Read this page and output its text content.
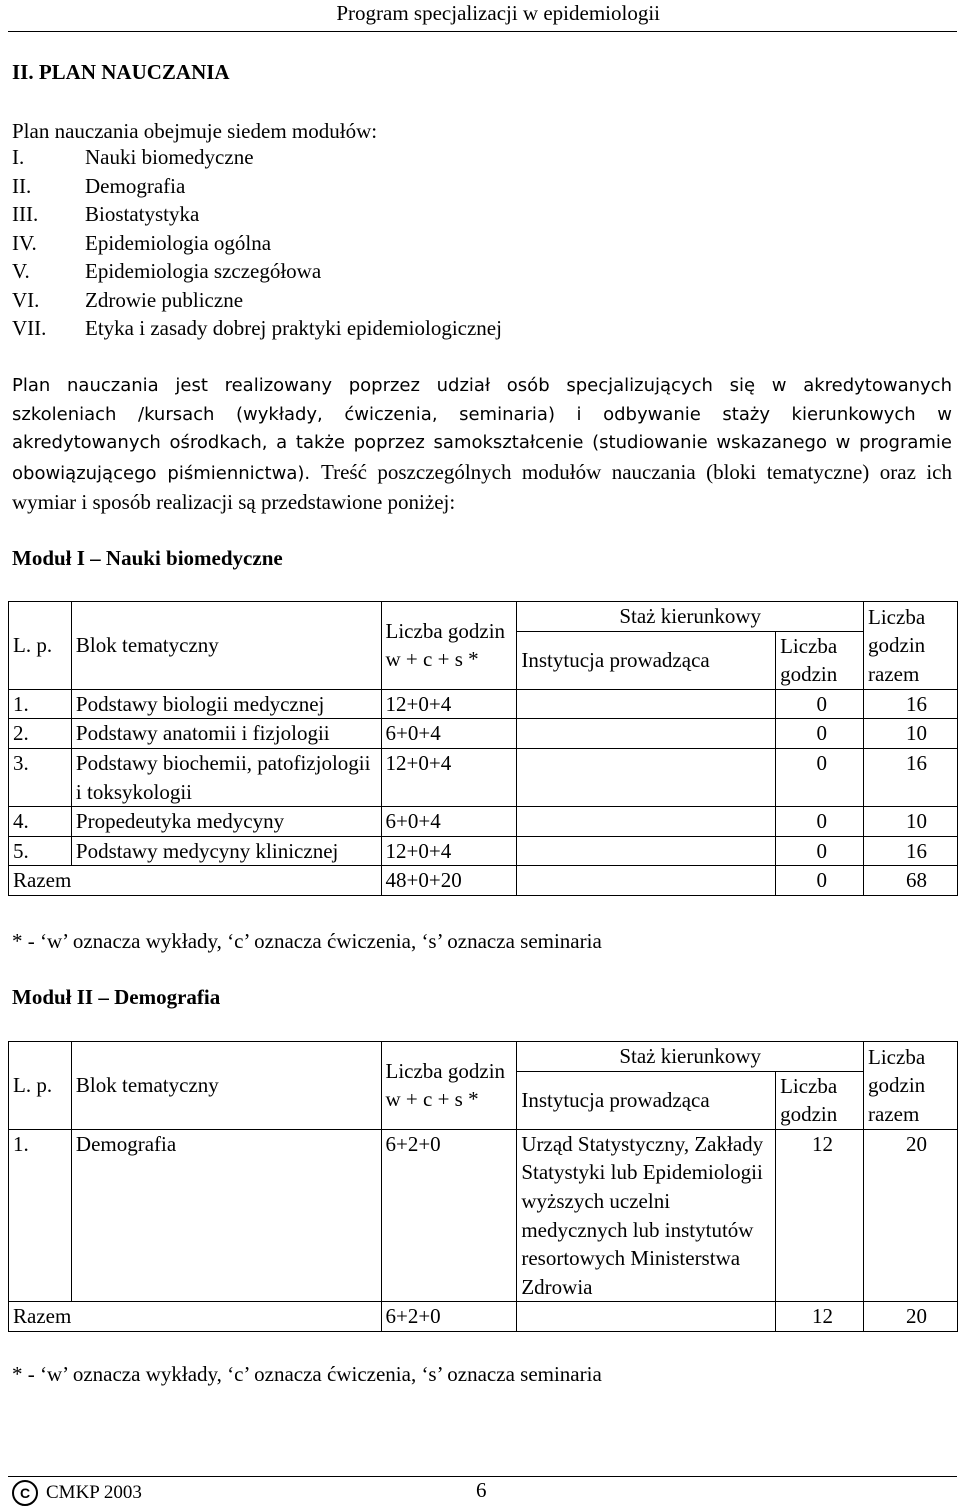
Program specjalizacji w epidemiologii
II. PLAN NAUCZANIA
Plan nauczania obejmuje siedem modułów:
I.	Nauki biomedyczne
II.	Demografia
III.	Biostatystyka
IV.	Epidemiologia ogólna
V.	Epidemiologia szczegółowa
VI.	Zdrowie publiczne
VII.	Etyka i zasady dobrej praktyki epidemiologicznej
Plan nauczania jest realizowany poprzez udział osób specjalizujących się w akredytowanych szkoleniach /kursach (wykłady, ćwiczenia, seminaria) i odbywanie staży kierunkowych w akredytowanych ośrodkach, a także poprzez samokształcenie (studiowanie wskazanego w programie obowiązującego piśmiennictwa). Treść poszczególnych modułów nauczania (bloki tematyczne) oraz ich wymiar i sposób realizacji są przedstawione poniżej:
Moduł I – Nauki biomedyczne
L. p.	Blok tematyczny	Liczba godzin w + c + s *	Staż kierunkowy		Liczba godzin razem
			Instytucja prowadząca	Liczba godzin	
1.	Podstawy biologii medycznej	12+0+4		0	16
2.	Podstawy anatomii i fizjologii	6+0+4		0	10
3.	Podstawy biochemii, patofizjologii i toksykologii	12+0+4		0	16
4.	Propedeutyka medycyny	6+0+4		0	10
5.	Podstawy medycyny klinicznej	12+0+4		0	16
Razem		48+0+20		0	68
* - ‘w’ oznacza wykłady, ‘c’ oznacza ćwiczenia, ‘s’ oznacza seminaria
Moduł II – Demografia
L. p.	Blok tematyczny	Liczba godzin w + c + s *	Staż kierunkowy		Liczba godzin razem
			Instytucja prowadząca	Liczba godzin	
1.	Demografia	6+2+0	Urząd Statystyczny, Zakłady Statystyki lub Epidemiologii wyższych uczelni medycznych lub instytutów resortowych Ministerstwa Zdrowia	12	20
Razem		6+2+0		12	20
* - ‘w’ oznacza wykłady, ‘c’ oznacza ćwiczenia, ‘s’ oznacza seminaria
C CMKP 2003	6
